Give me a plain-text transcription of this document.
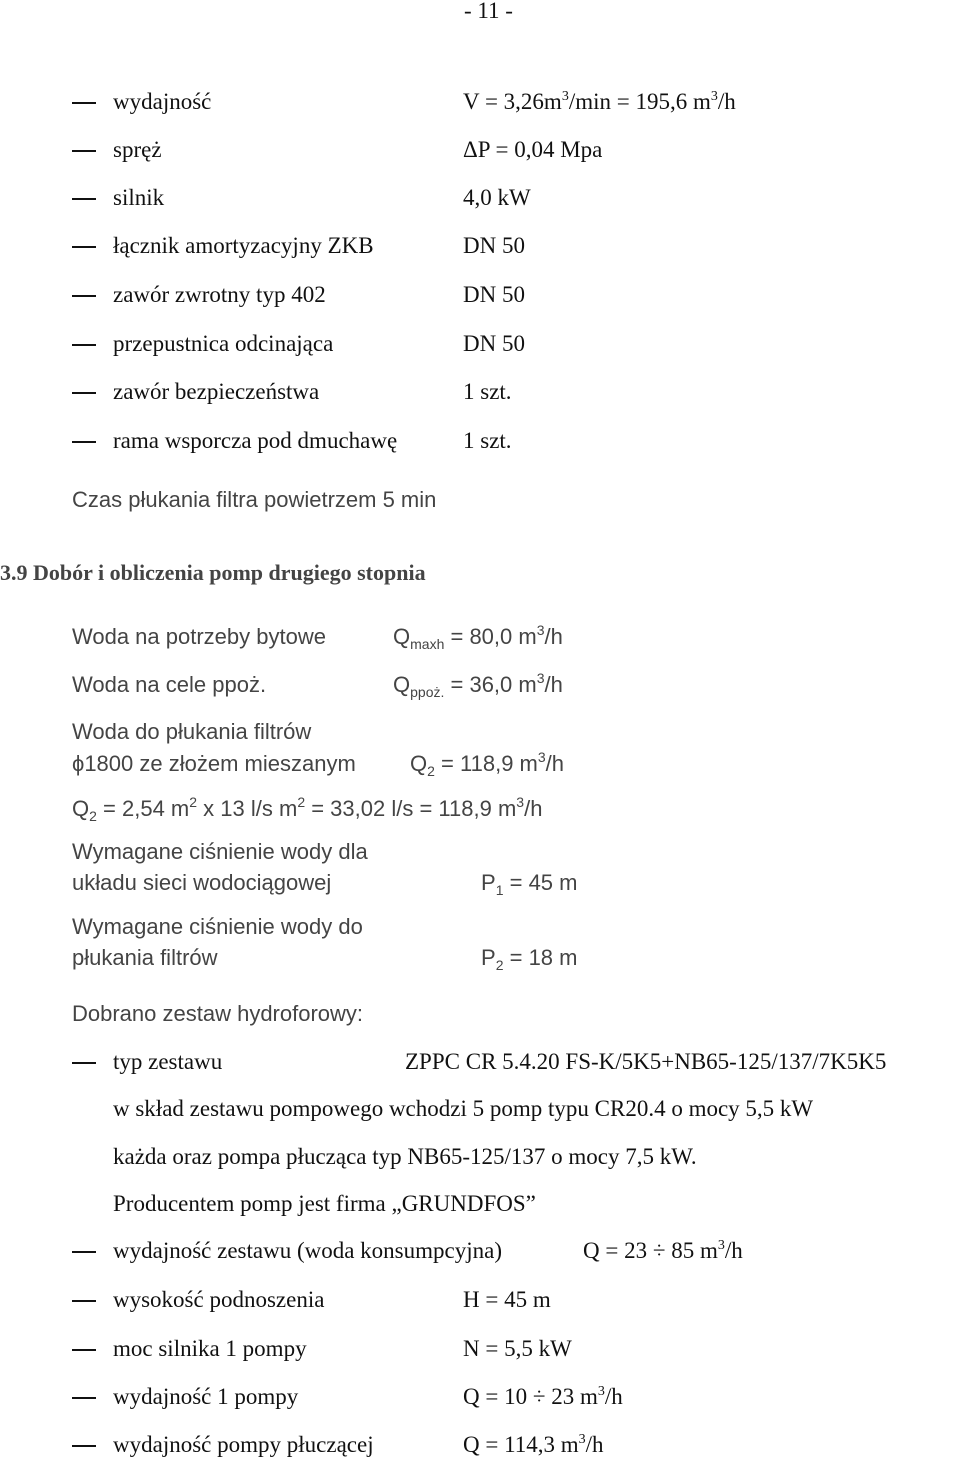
- 11 -
wydajność	$V = 3,26m^3/\min = 195,6$ $m^3/h$
spręż	ΔP = 0,04 Mpa
silnik	4,0 kW
łącznik amortyzacyjny ZKB	DN 50
zawór zwrotny typ 402	DN 50
przepustnica odcinająca	DN 50
zawór bezpieczeństwa	1 szt.
rama wsporcza pod dmuchawę	1 szt.
Czas płukania filtra powietrzem 5 min
3.9 Dobór i obliczenia pomp drugiego stopnia
Woda na potrzeby bytowe	$Q_{maxh} = 80,0$ $m^3/h$
Woda na cele ppoż.	$Q_{ppoż.} = 36,0$ $m^3/h$
Woda do płukania filtrów
ϕ1800 ze złożem mieszanym $Q_2 = 118,9$ $m^3/h$
$Q_2 = 2,54$ $m^2$ x 13 l/s $m^2 = 33,02$ l/s = 118,9 $m^3/h$
Wymagane ciśnienie wody dla
układu sieci wodociągowej	$P_1 = 45$ m
Wymagane ciśnienie wody do
płukania filtrów	$P_2 = 18$ m
Dobrano zestaw hydroforowy:
typ zestawu	ZPPC CR 5.4.20 FS-K/5K5+NB65-125/137/7K5K5
w skład zestawu pompowego wchodzi 5 pomp typu CR20.4 o mocy 5,5 kW
każda oraz pompa płucząca typ NB65-125/137 o mocy 7,5 kW.
Producentem pomp jest firma „GRUNDFOS”
wydajność zestawu (woda konsumpcyjna)	Q = 23 ÷ 85 $m^3/h$
wysokość podnoszenia	H = 45 m
moc silnika 1 pompy	N = 5,5 kW
wydajność 1 pompy	Q = 10 ÷ 23 $m^3/h$
wydajność pompy płuczącej	Q = 114,3 $m^3/h$
